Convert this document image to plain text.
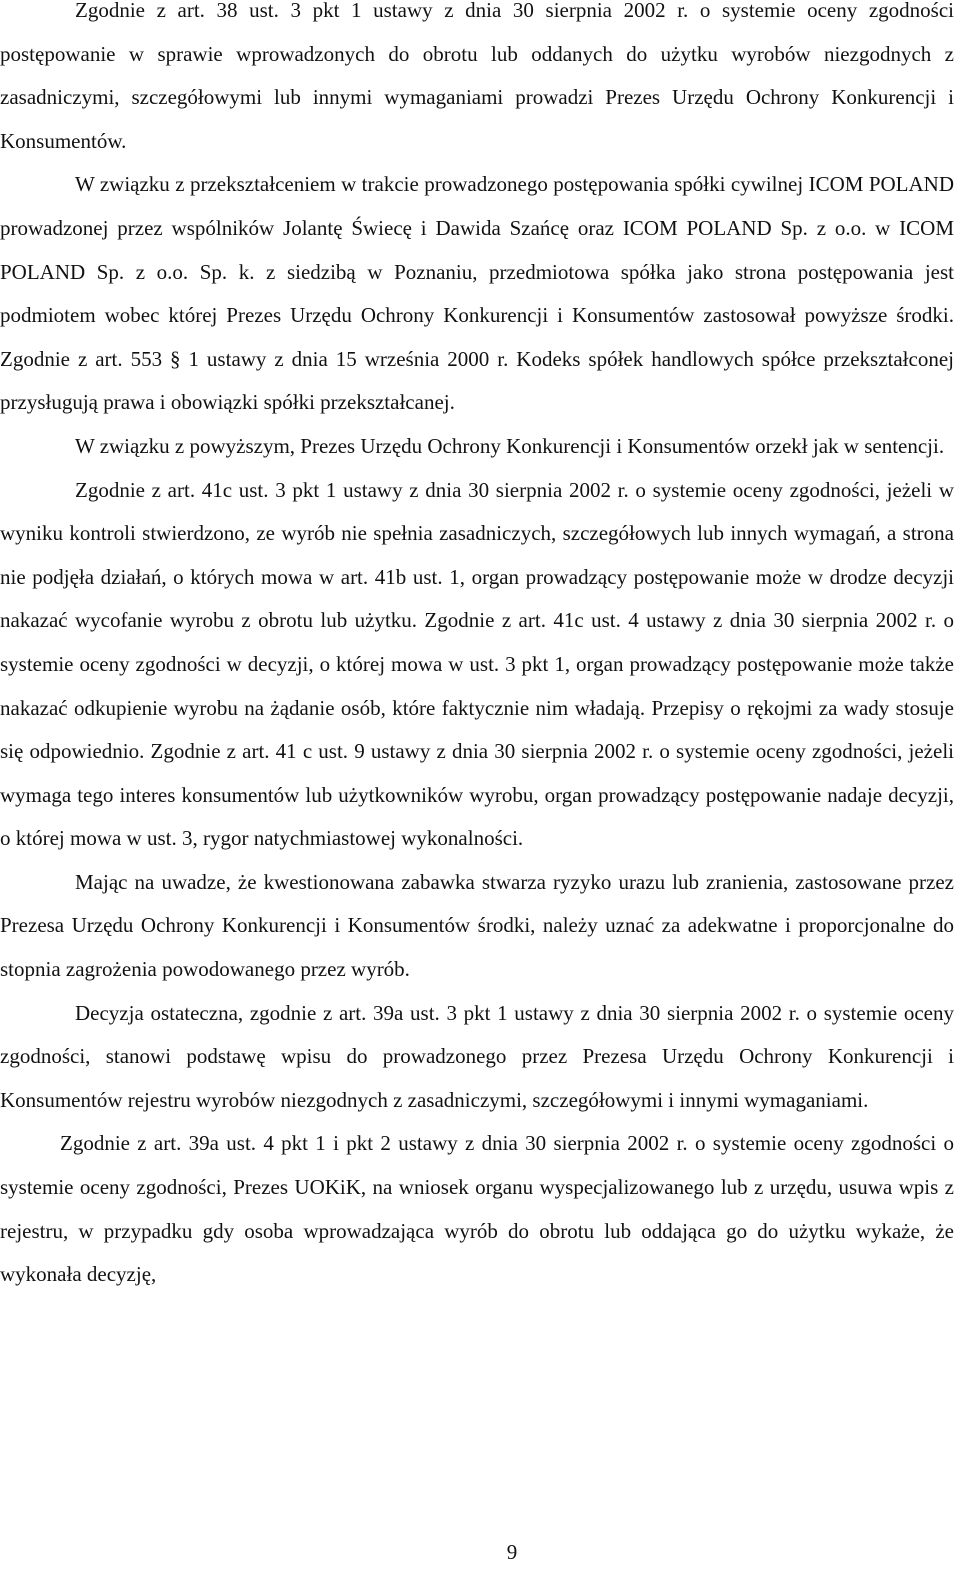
Zgodnie z art. 38 ust. 3 pkt 1 ustawy z dnia 30 sierpnia 2002 r. o systemie oceny zgodności postępowanie w sprawie wprowadzonych do obrotu lub oddanych do użytku wyrobów niezgodnych z zasadniczymi, szczegółowymi lub innymi wymaganiami prowadzi Prezes Urzędu Ochrony Konkurencji i Konsumentów.

W związku z przekształceniem w trakcie prowadzonego postępowania spółki cywilnej ICOM POLAND prowadzonej przez wspólników Jolantę Świecę i Dawida Szańcę oraz ICOM POLAND Sp. z o.o. w ICOM POLAND Sp. z o.o. Sp. k. z siedzibą w Poznaniu, przedmiotowa spółka jako strona postępowania jest podmiotem wobec której Prezes Urzędu Ochrony Konkurencji i Konsumentów zastosował powyższe środki. Zgodnie z art. 553 § 1 ustawy z dnia 15 września 2000 r. Kodeks spółek handlowych spółce przekształconej przysługują prawa i obowiązki spółki przekształcanej.

W związku z powyższym, Prezes Urzędu Ochrony Konkurencji i Konsumentów orzekł jak w sentencji.

Zgodnie z art. 41c ust. 3 pkt 1 ustawy z dnia 30 sierpnia 2002 r. o systemie oceny zgodności, jeżeli w wyniku kontroli stwierdzono, ze wyrób nie spełnia zasadniczych, szczegółowych lub innych wymagań, a strona nie podjęła działań, o których mowa w art. 41b ust. 1, organ prowadzący postępowanie może w drodze decyzji nakazać wycofanie wyrobu z obrotu lub użytku. Zgodnie z art. 41c ust. 4 ustawy z dnia 30 sierpnia 2002 r. o systemie oceny zgodności w decyzji, o której mowa w ust. 3 pkt 1, organ prowadzący postępowanie może także nakazać odkupienie wyrobu na żądanie osób, które faktycznie nim władają. Przepisy o rękojmi za wady stosuje się odpowiednio. Zgodnie z art. 41 c ust. 9 ustawy z dnia 30 sierpnia 2002 r. o systemie oceny zgodności, jeżeli wymaga tego interes konsumentów lub użytkowników wyrobu, organ prowadzący postępowanie nadaje decyzji, o której mowa w ust. 3, rygor natychmiastowej wykonalności.

Mając na uwadze, że kwestionowana zabawka stwarza ryzyko urazu lub zranienia, zastosowane przez Prezesa Urzędu Ochrony Konkurencji i Konsumentów środki, należy uznać za adekwatne i proporcjonalne do stopnia zagrożenia powodowanego przez wyrób.

Decyzja ostateczna, zgodnie z art. 39a ust. 3 pkt 1 ustawy z dnia 30 sierpnia 2002 r. o systemie oceny zgodności, stanowi podstawę wpisu do prowadzonego przez Prezesa Urzędu Ochrony Konkurencji i Konsumentów rejestru wyrobów niezgodnych z zasadniczymi, szczegółowymi i innymi wymaganiami.

Zgodnie z art. 39a ust. 4 pkt 1 i pkt 2 ustawy z dnia 30 sierpnia 2002 r. o systemie oceny zgodności o systemie oceny zgodności, Prezes UOKiK, na wniosek organu wyspecjalizowanego lub z urzędu, usuwa wpis z rejestru, w przypadku gdy osoba wprowadzająca wyrób do obrotu lub oddająca go do użytku wykaże, że wykonała decyzję,

9
